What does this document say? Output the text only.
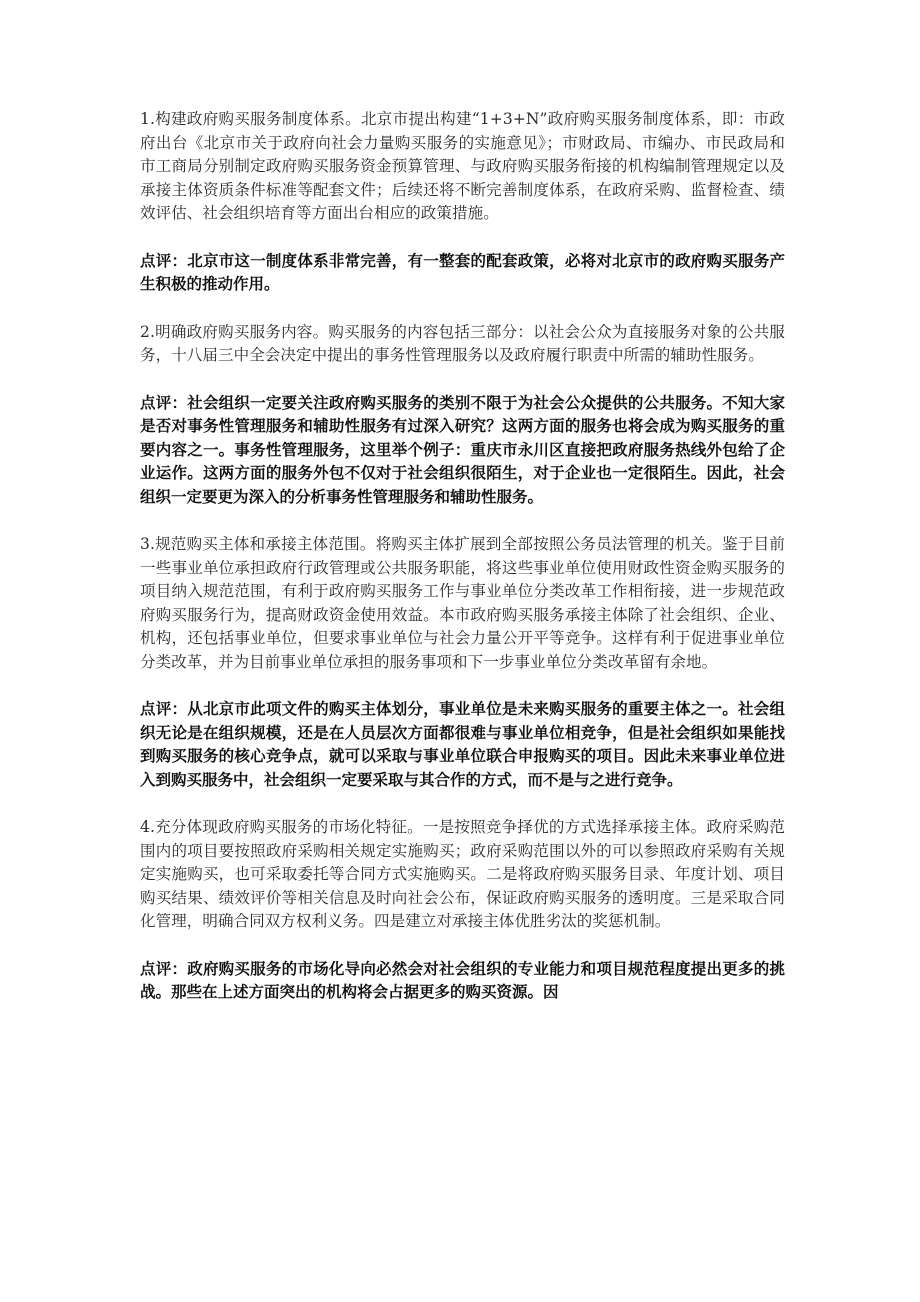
1.构建政府购买服务制度体系。北京市提出构建“1+3+N”政府购买服务制度体系，即：市政府出台《北京市关于政府向社会力量购买服务的实施意见》；市财政局、市编办、市民政局和市工商局分别制定政府购买服务资金预算管理、与政府购买服务衔接的机构编制管理规定以及承接主体资质条件标准等配套文件；后续还将不断完善制度体系，在政府采购、监督检查、绩效评估、社会组织培育等方面出台相应的政策措施。

点评：北京市这一制度体系非常完善，有一整套的配套政策，必将对北京市的政府购买服务产生积极的推动作用。

2.明确政府购买服务内容。购买服务的内容包括三部分：以社会公众为直接服务对象的公共服务，十八届三中全会决定中提出的事务性管理服务以及政府履行职责中所需的辅助性服务。

点评：社会组织一定要关注政府购买服务的类别不限于为社会公众提供的公共服务。不知大家是否对事务性管理服务和辅助性服务有过深入研究？这两方面的服务也将会成为购买服务的重要内容之一。事务性管理服务，这里举个例子：重庆市永川区直接把政府服务热线外包给了企业运作。这两方面的服务外包不仅对于社会组织很陌生，对于企业也一定很陌生。因此，社会组织一定要更为深入的分析事务性管理服务和辅助性服务。

3.规范购买主体和承接主体范围。将购买主体扩展到全部按照公务员法管理的机关。鉴于目前一些事业单位承担政府行政管理或公共服务职能，将这些事业单位使用财政性资金购买服务的项目纳入规范范围，有利于政府购买服务工作与事业单位分类改革工作相衔接，进一步规范政府购买服务行为，提高财政资金使用效益。本市政府购买服务承接主体除了社会组织、企业、机构，还包括事业单位，但要求事业单位与社会力量公开平等竞争。这样有利于促进事业单位分类改革，并为目前事业单位承担的服务事项和下一步事业单位分类改革留有余地。

点评：从北京市此项文件的购买主体划分，事业单位是未来购买服务的重要主体之一。社会组织无论是在组织规模，还是在人员层次方面都很难与事业单位相竞争，但是社会组织如果能找到购买服务的核心竞争点，就可以采取与事业单位联合申报购买的项目。因此未来事业单位进入到购买服务中，社会组织一定要采取与其合作的方式，而不是与之进行竞争。

4.充分体现政府购买服务的市场化特征。一是按照竞争择优的方式选择承接主体。政府采购范围内的项目要按照政府采购相关规定实施购买；政府采购范围以外的可以参照政府采购有关规定实施购买，也可采取委托等合同方式实施购买。二是将政府购买服务目录、年度计划、项目购买结果、绩效评价等相关信息及时向社会公布，保证政府购买服务的透明度。三是采取合同化管理，明确合同双方权利义务。四是建立对承接主体优胜劣汰的奖惩机制。

点评：政府购买服务的市场化导向必然会对社会组织的专业能力和项目规范程度提出更多的挑战。那些在上述方面突出的机构将会占据更多的购买资源。因
